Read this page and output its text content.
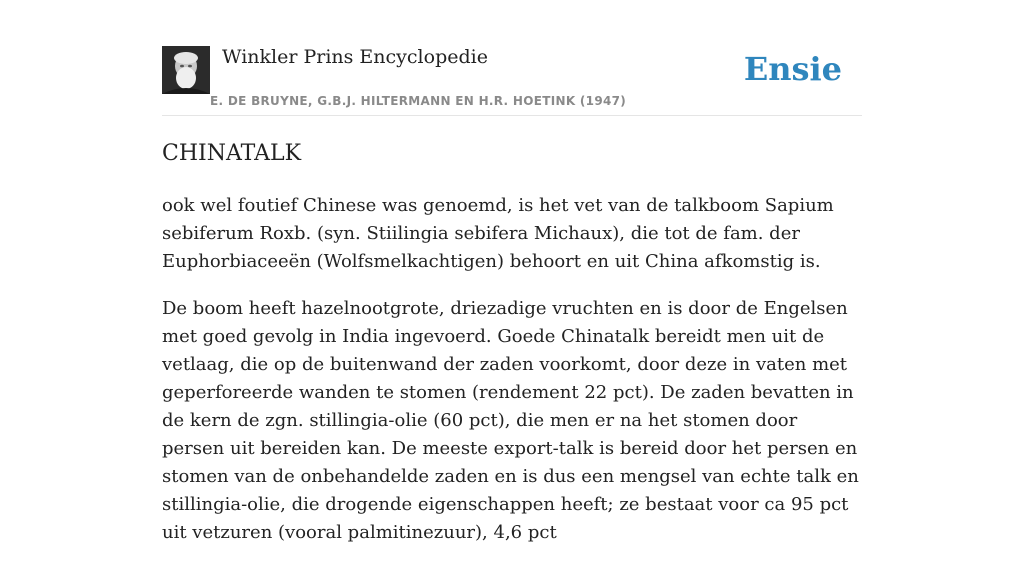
Winkler Prins Encyclopedie
E. DE BRUYNE, G.B.J. HILTERMANN EN H.R. HOETINK (1947)
Ensie
CHINATALK

ook wel foutief Chinese was genoemd, is het vet van de talkboom Sapium sebiferum Roxb. (syn. Stiilingia sebifera Michaux), die tot de fam. der Euphorbiaceeën (Wolfsmelkachtigen) behoort en uit China afkomstig is.

De boom heeft hazelnootgrote, driezadige vruchten en is door de Engelsen met goed gevolg in India ingevoerd. Goede Chinatalk bereidt men uit de vetlaag, die op de buitenwand der zaden voorkomt, door deze in vaten met geperforeerde wanden te stomen (rendement 22 pct). De zaden bevatten in de kern de zgn. stillingia-olie (60 pct), die men er na het stomen door persen uit bereiden kan. De meeste export-talk is bereid door het persen en stomen van de onbehandelde zaden en is dus een mengsel van echte talk en stillingia-olie, die drogende eigenschappen heeft; ze bestaat voor ca 95 pct uit vetzuren (vooral palmitinezuur), 4,6 pct
